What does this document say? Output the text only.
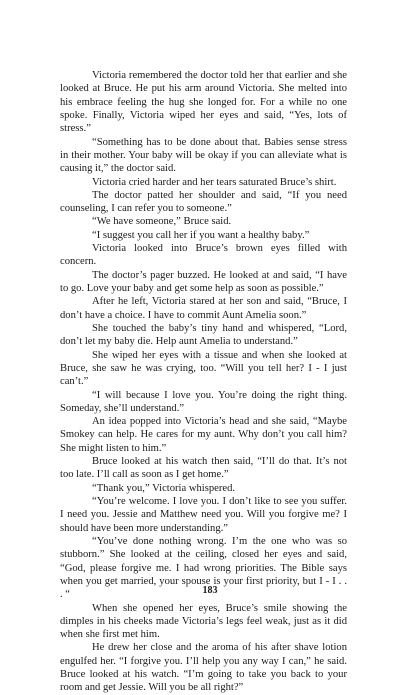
Victoria remembered the doctor told her that earlier and she looked at Bruce. He put his arm around Victoria. She melted into his embrace feeling the hug she longed for. For a while no one spoke. Finally, Victoria wiped her eyes and said, “Yes, lots of stress.”

“Something has to be done about that. Babies sense stress in their mother. Your baby will be okay if you can alleviate what is causing it,” the doctor said.

Victoria cried harder and her tears saturated Bruce’s shirt.

The doctor patted her shoulder and said, “If you need counseling, I can refer you to someone.”

“We have someone,” Bruce said.

“I suggest you call her if you want a healthy baby.”

Victoria looked into Bruce’s brown eyes filled with concern.

The doctor’s pager buzzed. He looked at and said, “I have to go. Love your baby and get some help as soon as possible.”

After he left, Victoria stared at her son and said, “Bruce, I don’t have a choice. I have to commit Aunt Amelia soon.”

She touched the baby’s tiny hand and whispered, “Lord, don’t let my baby die. Help aunt Amelia to understand.”

She wiped her eyes with a tissue and when she looked at Bruce, she saw he was crying, too. “Will you tell her? I - I just can’t.”

“I will because I love you. You’re doing the right thing. Someday, she’ll understand.”

An idea popped into Victoria’s head and she said, “Maybe Smokey can help. He cares for my aunt. Why don’t you call him? She might listen to him.”

Bruce looked at his watch then said, “I’ll do that. It’s not too late. I’ll call as soon as I get home.”

“Thank you,” Victoria whispered.

“You’re welcome. I love you. I don’t like to see you suffer. I need you. Jessie and Matthew need you. Will you forgive me? I should have been more understanding.”

“You’ve done nothing wrong. I’m the one who was so stubborn.” She looked at the ceiling, closed her eyes and said, “God, please forgive me. I had wrong priorities. The Bible says when you get married, your spouse is your first priority, but I - I . . . “

When she opened her eyes, Bruce’s smile showing the dimples in his cheeks made Victoria’s legs feel weak, just as it did when she first met him.

He drew her close and the aroma of his after shave lotion engulfed her. “I forgive you. I’ll help you any way I can,” he said. Bruce looked at his watch. “I’m going to take you back to your room and get Jessie. Will you be all right?”

183
